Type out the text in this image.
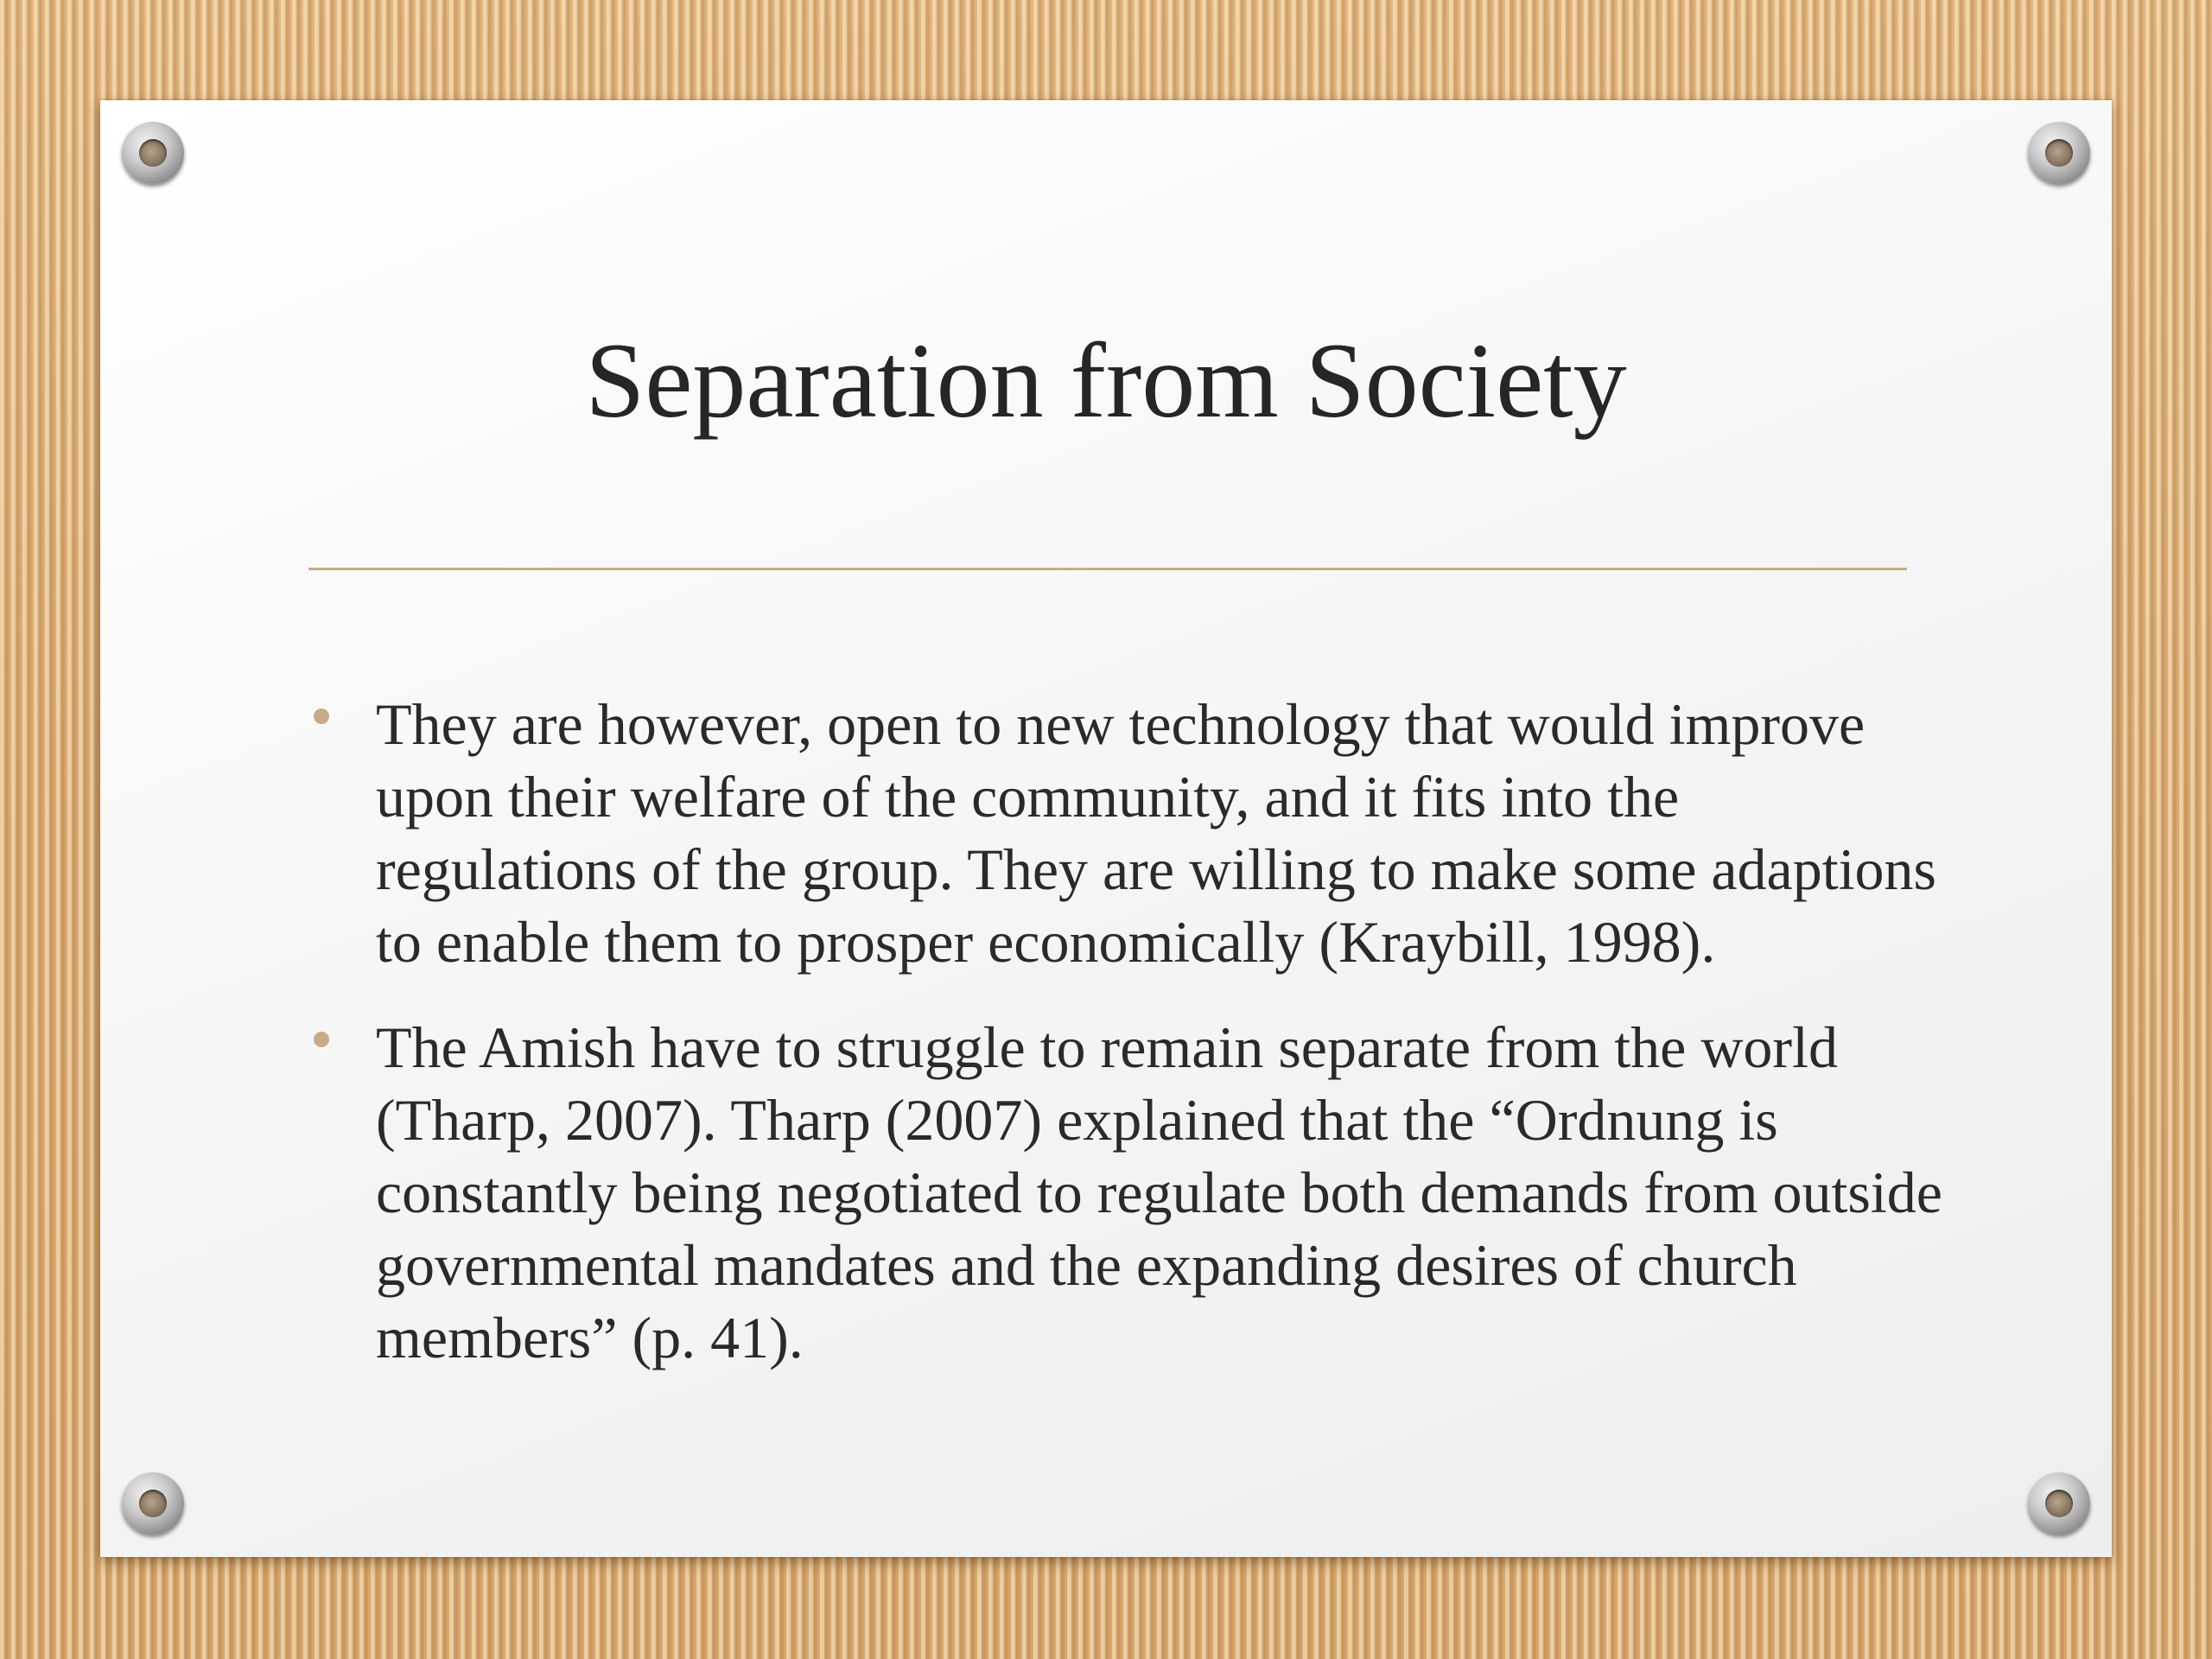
Separation from Society
They are however, open to new technology that would improve upon their welfare of the community, and it fits into the regulations of the group. They are willing to make some adaptions to enable them to prosper economically (Kraybill, 1998).
The Amish have to struggle to remain separate from the world (Tharp, 2007). Tharp (2007) explained that the “Ordnung is constantly being negotiated to regulate both demands from outside governmental mandates and the expanding desires of church members” (p. 41).
